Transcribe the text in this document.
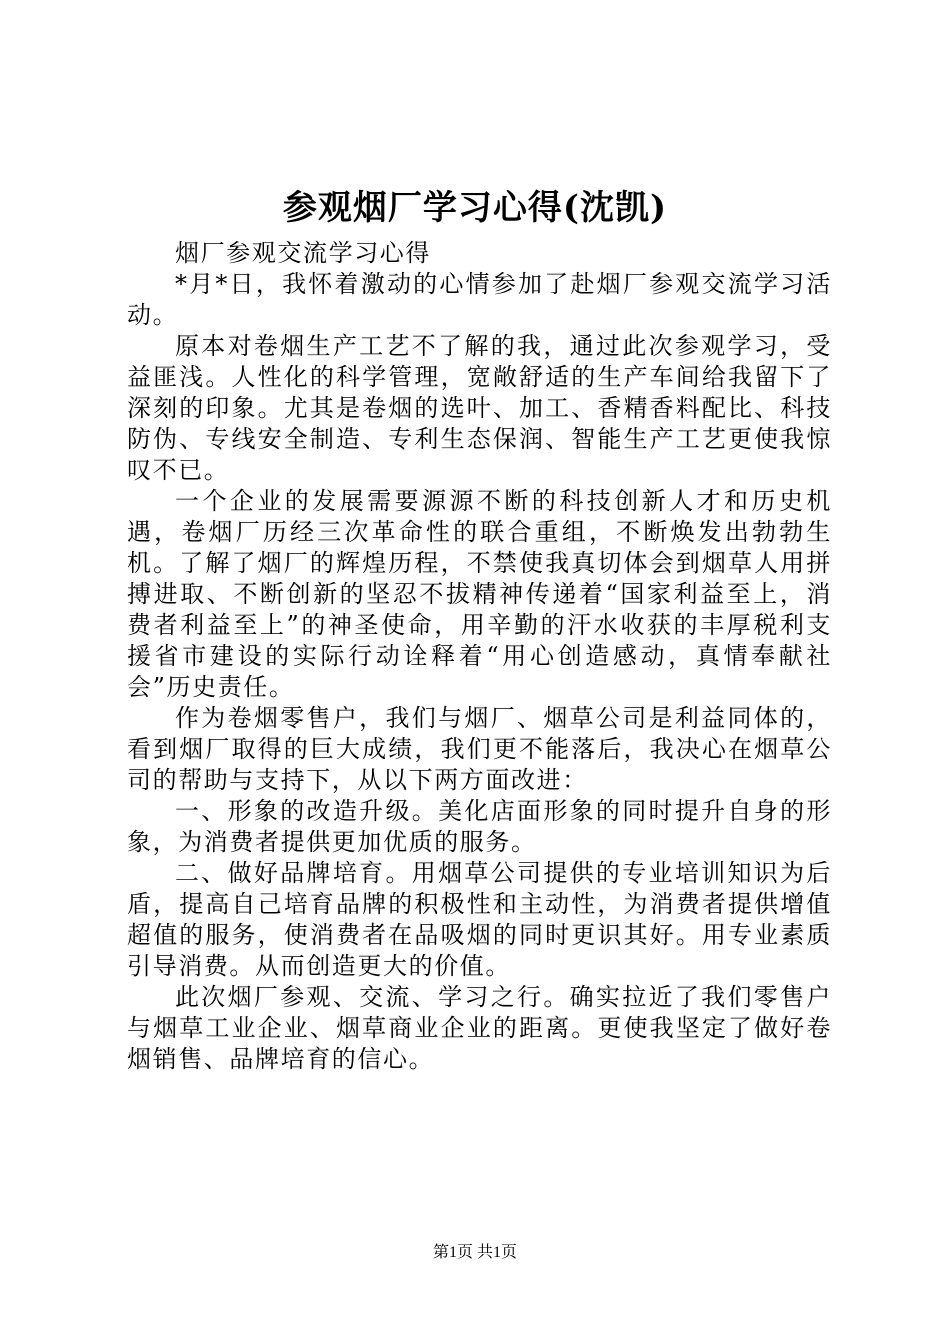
参观烟厂学习心得(沈凯)

烟厂参观交流学习心得

*月*日，我怀着激动的心情参加了赴烟厂参观交流学习活动。

原本对卷烟生产工艺不了解的我，通过此次参观学习，受益匪浅。人性化的科学管理，宽敞舒适的生产车间给我留下了深刻的印象。尤其是卷烟的选叶、加工、香精香料配比、科技防伪、专线安全制造、专利生态保润、智能生产工艺更使我惊叹不已。

一个企业的发展需要源源不断的科技创新人才和历史机遇，卷烟厂历经三次革命性的联合重组，不断焕发出勃勃生机。了解了烟厂的辉煌历程，不禁使我真切体会到烟草人用拼搏进取、不断创新的坚忍不拔精神传递着“国家利益至上，消费者利益至上”的神圣使命，用辛勤的汗水收获的丰厚税利支援省市建设的实际行动诠释着“用心创造感动，真情奉献社会”历史责任。

作为卷烟零售户，我们与烟厂、烟草公司是利益同体的，看到烟厂取得的巨大成绩，我们更不能落后，我决心在烟草公司的帮助与支持下，从以下两方面改进：

一、形象的改造升级。美化店面形象的同时提升自身的形象，为消费者提供更加优质的服务。

二、做好品牌培育。用烟草公司提供的专业培训知识为后盾，提高自己培育品牌的积极性和主动性，为消费者提供增值超值的服务，使消费者在品吸烟的同时更识其好。用专业素质引导消费。从而创造更大的价值。

此次烟厂参观、交流、学习之行。确实拉近了我们零售户与烟草工业企业、烟草商业企业的距离。更使我坚定了做好卷烟销售、品牌培育的信心。

第1页 共1页
